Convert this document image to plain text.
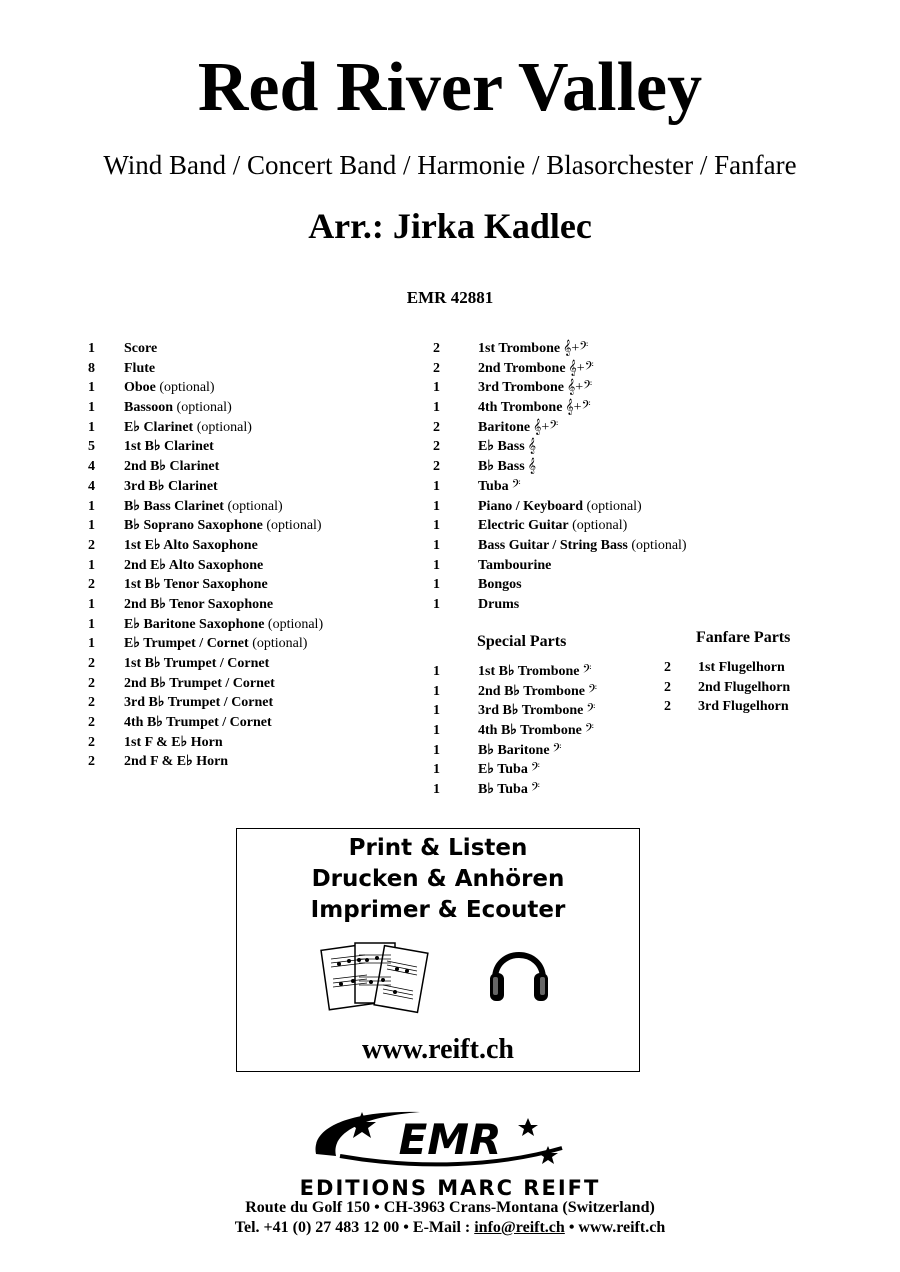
Red River Valley
Wind Band / Concert Band / Harmonie / Blasorchester / Fanfare
Arr.: Jirka Kadlec
EMR 42881
1	Score
8	Flute
1	Oboe (optional)
1	Bassoon (optional)
1	E♭ Clarinet (optional)
5	1st B♭ Clarinet
4	2nd B♭ Clarinet
4	3rd B♭ Clarinet
1	B♭ Bass Clarinet (optional)
1	B♭ Soprano Saxophone (optional)
2	1st E♭ Alto Saxophone
1	2nd E♭ Alto Saxophone
2	1st B♭ Tenor Saxophone
1	2nd B♭ Tenor Saxophone
1	E♭ Baritone Saxophone (optional)
1	E♭ Trumpet / Cornet (optional)
2	1st B♭ Trumpet / Cornet
2	2nd B♭ Trumpet / Cornet
2	3rd B♭ Trumpet / Cornet
2	4th B♭ Trumpet / Cornet
2	1st F & E♭ Horn
2	2nd F & E♭ Horn
2	1st Trombone 𝄞+𝄢
2	2nd Trombone 𝄞+𝄢
1	3rd Trombone 𝄞+𝄢
1	4th Trombone 𝄞+𝄢
2	Baritone 𝄞+𝄢
2	E♭ Bass 𝄞
2	B♭ Bass 𝄞
1	Tuba 𝄢
1	Piano / Keyboard (optional)
1	Electric Guitar (optional)
1	Bass Guitar / String Bass (optional)
1	Tambourine
1	Bongos
1	Drums
Special Parts
1	1st B♭ Trombone 𝄢
1	2nd B♭ Trombone 𝄢
1	3rd B♭ Trombone 𝄢
1	4th B♭ Trombone 𝄢
1	B♭ Baritone 𝄢
1	E♭ Tuba 𝄢
1	B♭ Tuba 𝄢
Fanfare Parts
2	1st Flugelhorn
2	2nd Flugelhorn
2	3rd Flugelhorn
Print & Listen
Drucken & Anhören
Imprimer & Ecouter
www.reift.ch
EMR
EDITIONS MARC REIFT
Route du Golf 150 • CH-3963 Crans-Montana (Switzerland)
Tel. +41 (0) 27 483 12 00 • E-Mail : info@reift.ch • www.reift.ch
